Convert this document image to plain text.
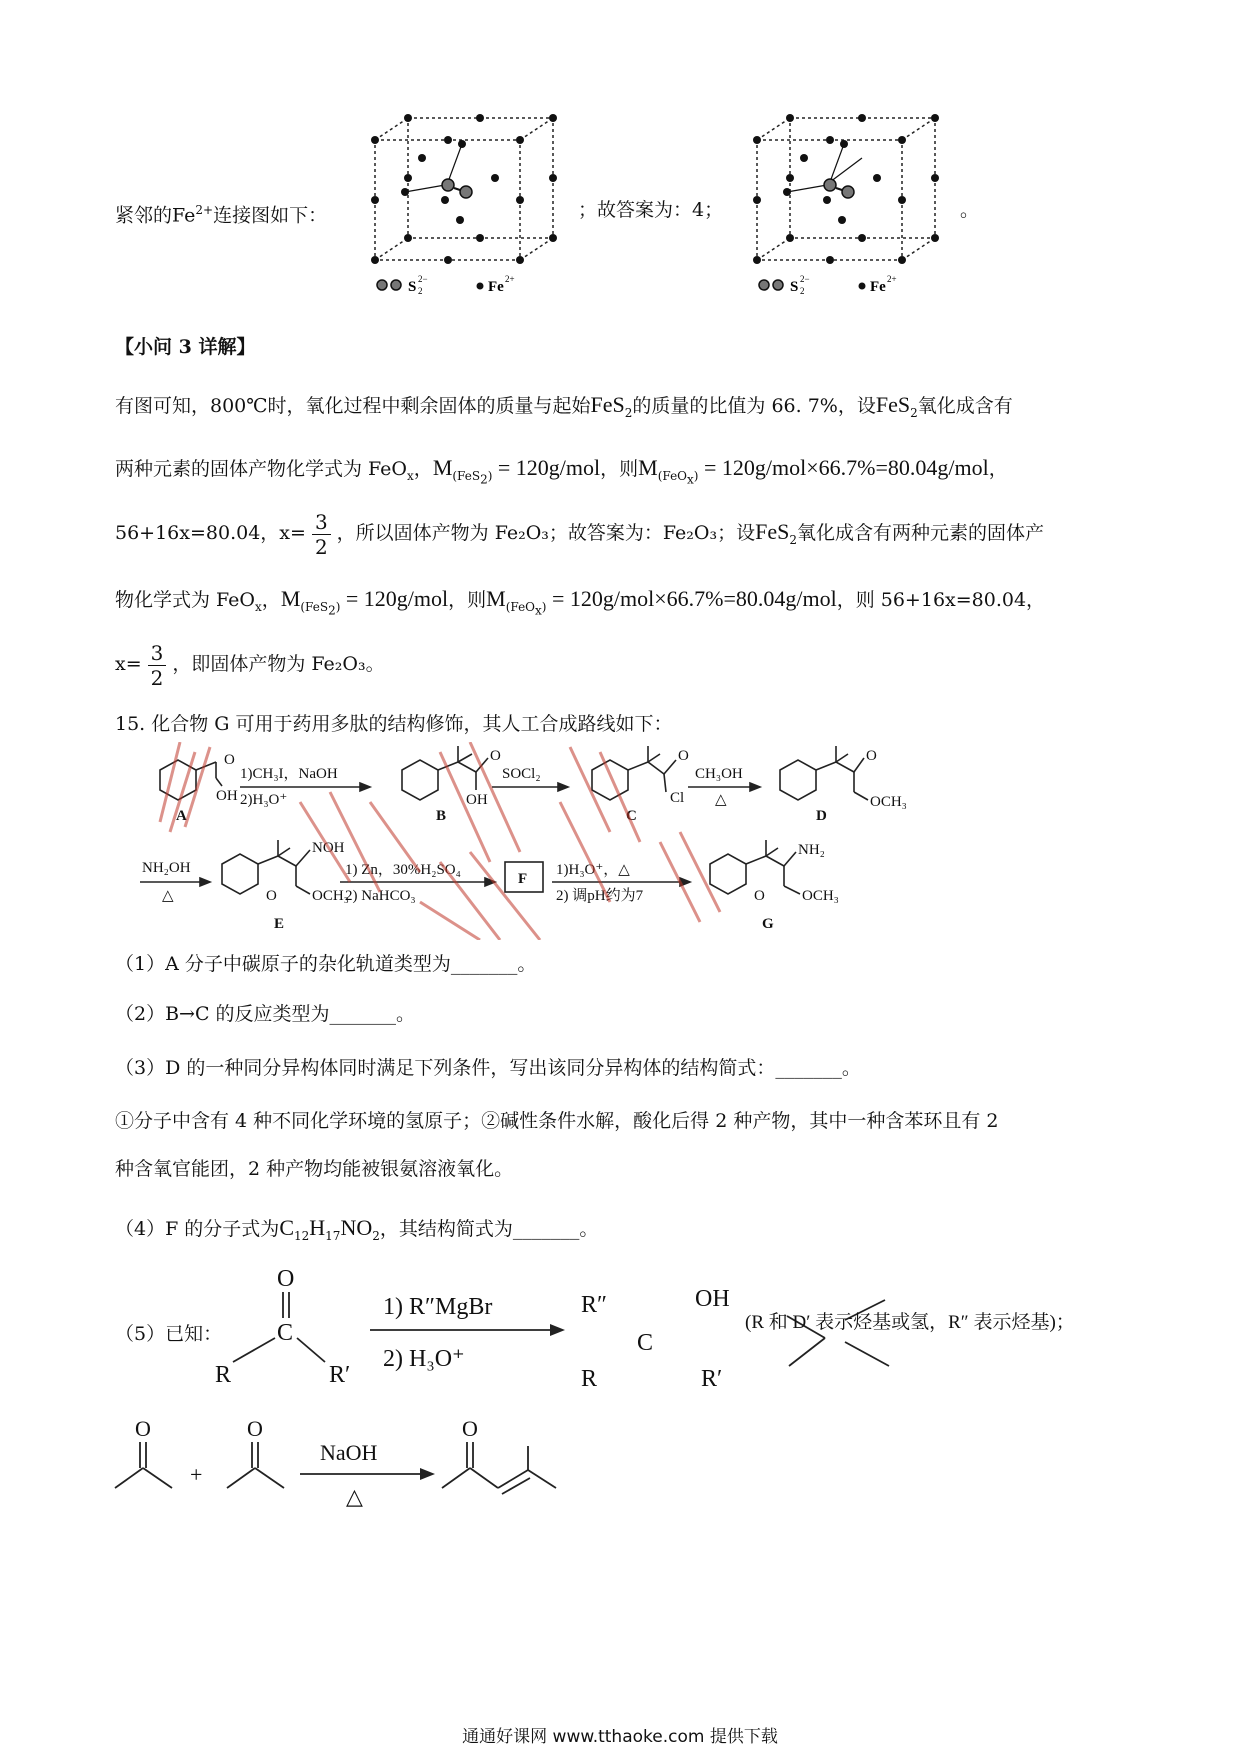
紧邻的$Fe^{2+}$连接图如下：	；故答案为：4；	。
S 2−
2	Fe 2+	S 2−
2	Fe 2+
【小问 3 详解】
有图可知，800℃时，氧化过程中剩余固体的质量与起始FeS$_2$的质量的比值为 66. 7%，设FeS$_2$氧化成含有
两种元素的固体产物化学式为 FeO$_x$，$M_{(FeS_2)} = 120g/mol$，则$M_{(FeO_x)} = 120g/mol\times 66.7\%=80.04g/mol$，
56+16x=80.04，$x= \frac{3}{2}$ ，所以固体产物为 Fe₂O₃；故答案为：Fe₂O₃；设FeS$_2$氧化成含有两种元素的固体产
物化学式为 FeO$_x$，$M_{(FeS_2)} = 120g/mol$，则$M_{(FeO_x)} = 120g/mol\times 66.7\%=80.04g/mol$，则 56+16x=80.04，
$x= \frac{3}{2}$ ，即固体产物为 Fe₂O₃。
15. 化合物 G 可用于药用多肽的结构修饰，其人工合成路线如下：
1)CH₃I，NaOH
2)H₃O⁺
SOCl₂	CH₃OH
△
NH₂OH
△
1) Zn，30%H₂SO₄
2) NaHCO₃
1)H₃O⁺，△
2) 调pH约为7
O
OH
O
OH
O
Cl
O
OCH₃
NOH
O OCH₃
NH₂
O OCH₃
F
A	B	C	D
E	G
（1）A 分子中碳原子的杂化轨道类型为_______。
（2）B→C 的反应类型为_______。
（3）D 的一种同分异构体同时满足下列条件，写出该同分异构体的结构简式：_______。
①分子中含有 4 种不同化学环境的氢原子；②碱性条件水解，酸化后得 2 种产物，其中一种含苯环且有 2
种含氧官能团，2 种产物均能被银氨溶液氧化。
（4）F 的分子式为$C_{12}H_{17}NO_2$，其结构简式为_______。
（5）已知：
O
C
R	R′
1) R″MgBr
2) H₃O⁺
R″	OH
C
R	R′
(R 和 D′ 表示烃基或氢，R″ 表示烃基)；
O
+
O
NaOH
△
O
通通好课网 www.tthaoke.com 提供下载
